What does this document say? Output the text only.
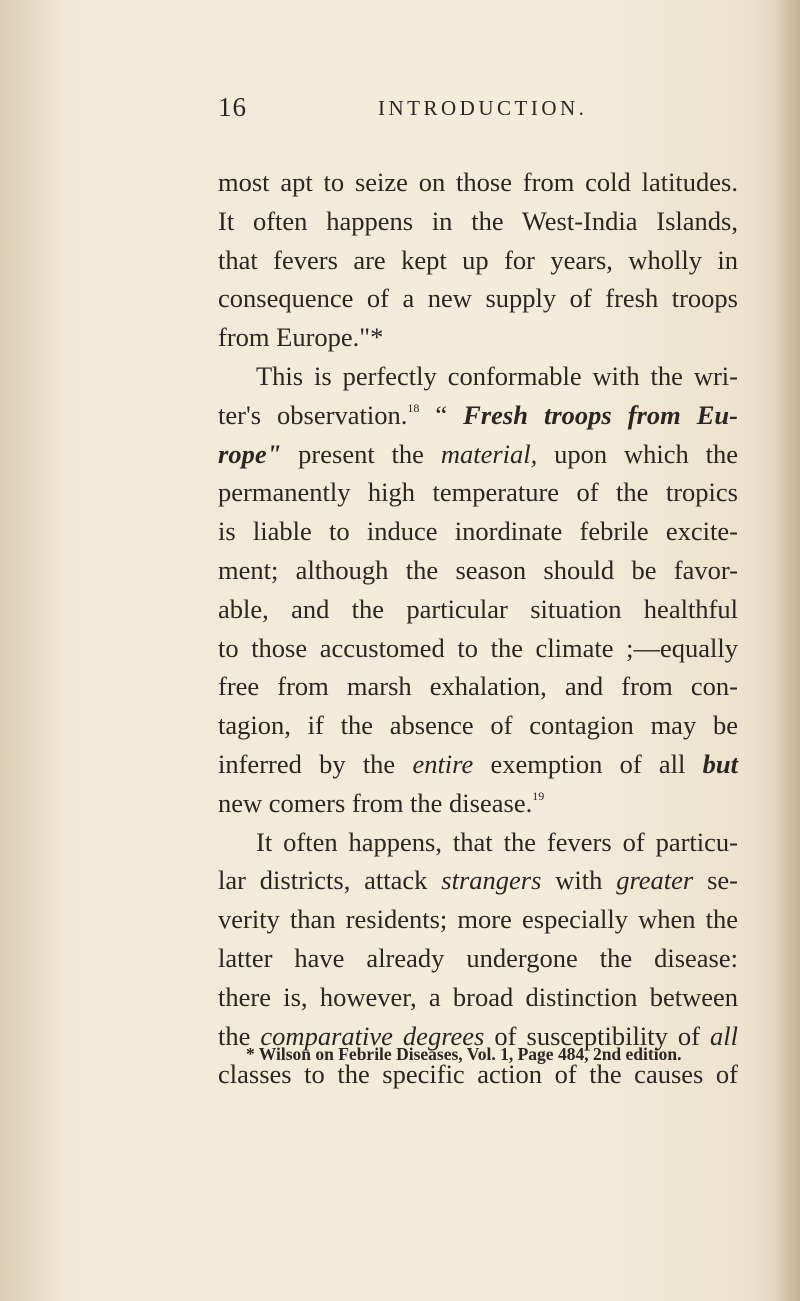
16	INTRODUCTION.
most apt to seize on those from cold latitudes.
It often happens in the West-India Islands,
that fevers are kept up for years, wholly in
consequence of a new supply of fresh troops
from Europe."*
This is perfectly conformable with the wri-
ter's observation.$^{18}$ “ Fresh troops from Eu-
rope" present the material, upon which the
permanently high temperature of the tropics
is liable to induce inordinate febrile excite-
ment; although the season should be favor-
able, and the particular situation healthful
to those accustomed to the climate ;—equally
free from marsh exhalation, and from con-
tagion, if the absence of contagion may be
inferred by the entire exemption of all but
new comers from the disease.$^{19}$
It often happens, that the fevers of particu-
lar districts, attack strangers with greater se-
verity than residents; more especially when the
latter have already undergone the disease:
there is, however, a broad distinction between
the comparative degrees of susceptibility of all
classes to the specific action of the causes of
* Wilson on Febrile Diseases, Vol. 1, Page 484, 2nd edition.
